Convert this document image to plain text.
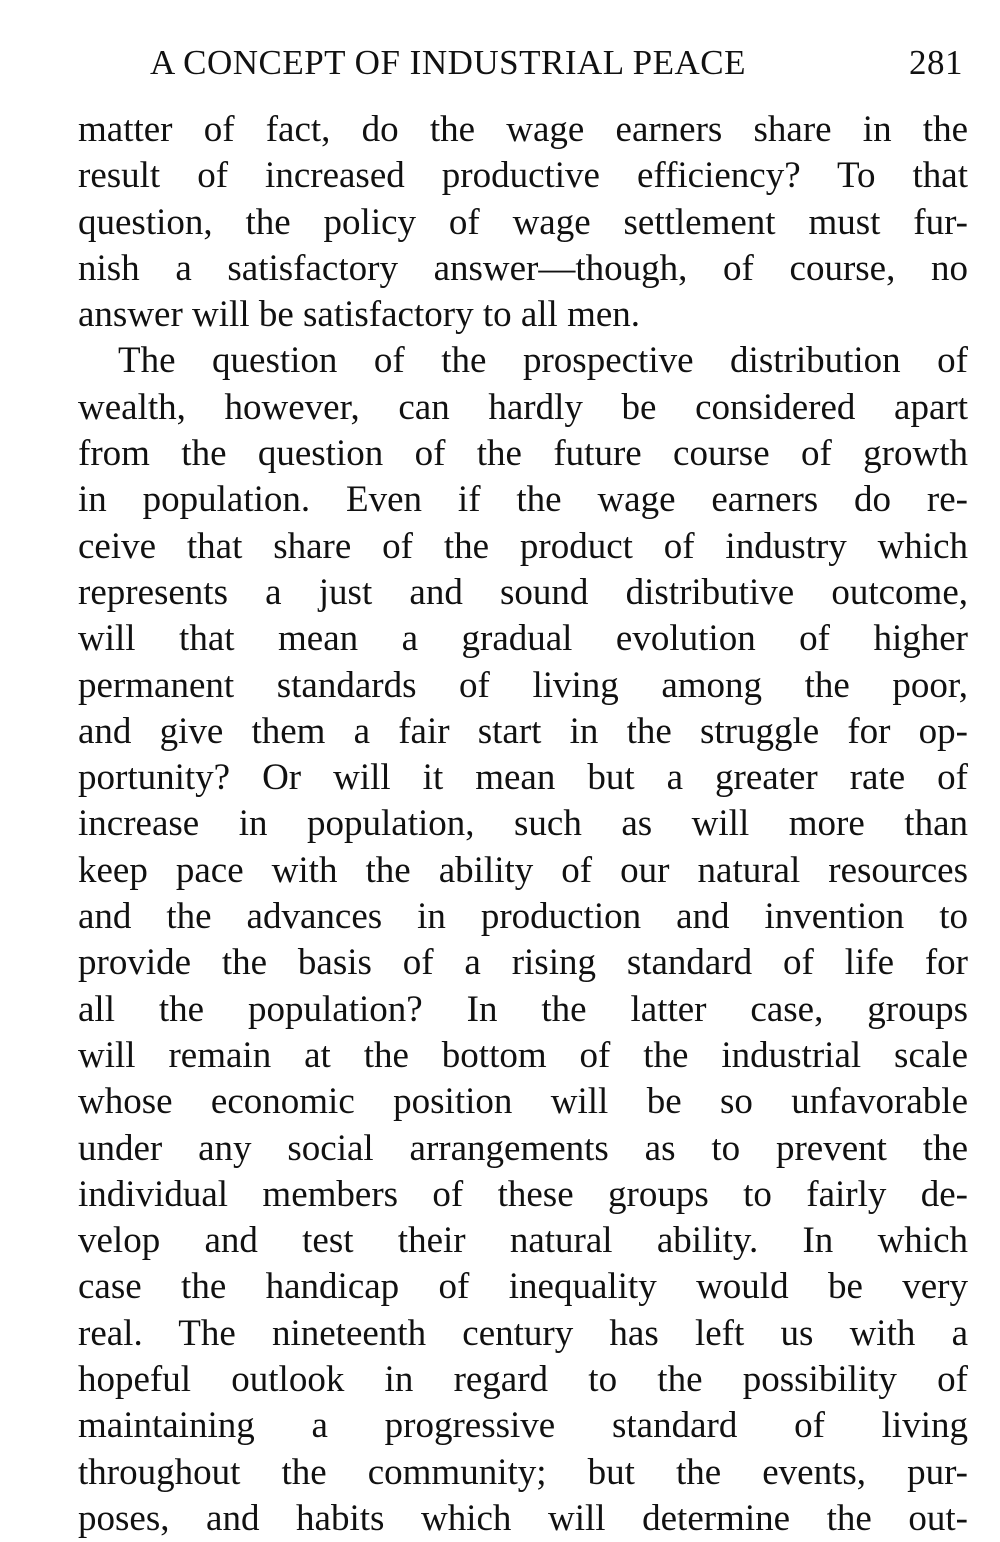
A CONCEPT OF INDUSTRIAL PEACE	281
matter of fact, do the wage earners share in the
result of increased productive efficiency? To that
question, the policy of wage settlement must fur-
nish a satisfactory answer—though, of course, no
answer will be satisfactory to all men.
The question of the prospective distribution of
wealth, however, can hardly be considered apart
from the question of the future course of growth
in population. Even if the wage earners do re-
ceive that share of the product of industry which
represents a just and sound distributive outcome,
will that mean a gradual evolution of higher
permanent standards of living among the poor,
and give them a fair start in the struggle for op-
portunity? Or will it mean but a greater rate of
increase in population, such as will more than
keep pace with the ability of our natural resources
and the advances in production and invention to
provide the basis of a rising standard of life for
all the population? In the latter case, groups
will remain at the bottom of the industrial scale
whose economic position will be so unfavorable
under any social arrangements as to prevent the
individual members of these groups to fairly de-
velop and test their natural ability. In which
case the handicap of inequality would be very
real. The nineteenth century has left us with a
hopeful outlook in regard to the possibility of
maintaining a progressive standard of living
throughout the community; but the events, pur-
poses, and habits which will determine the out-
